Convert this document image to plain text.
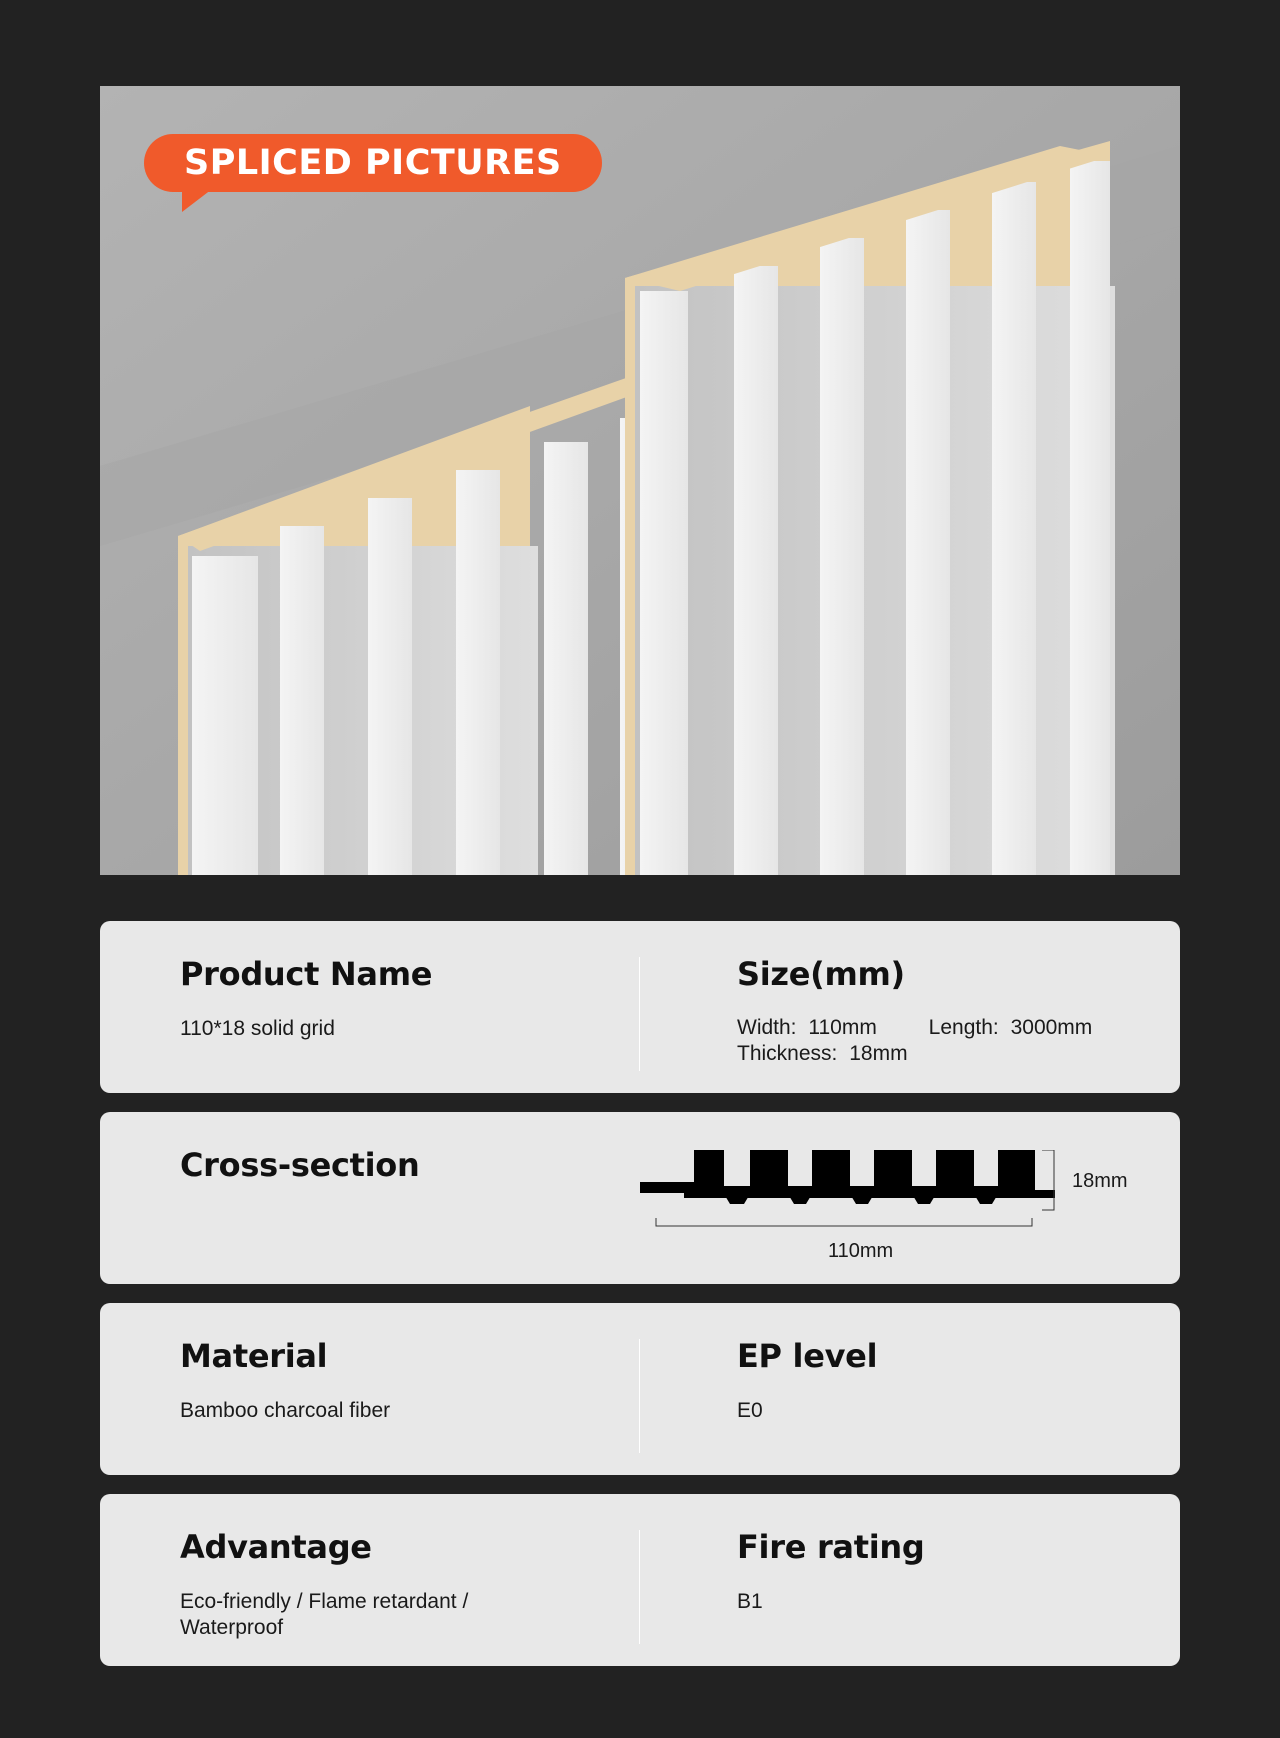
SPLICED PICTURES
Product Name
110*18 solid grid
Size(mm)
Width: 110mm Length: 3000mm
Thickness: 18mm
Cross-section	18mm
110mm
Material
Bamboo charcoal fiber
EP level
E0
Advantage
Eco-friendly / Flame retardant /
Waterproof
Fire rating
B1
